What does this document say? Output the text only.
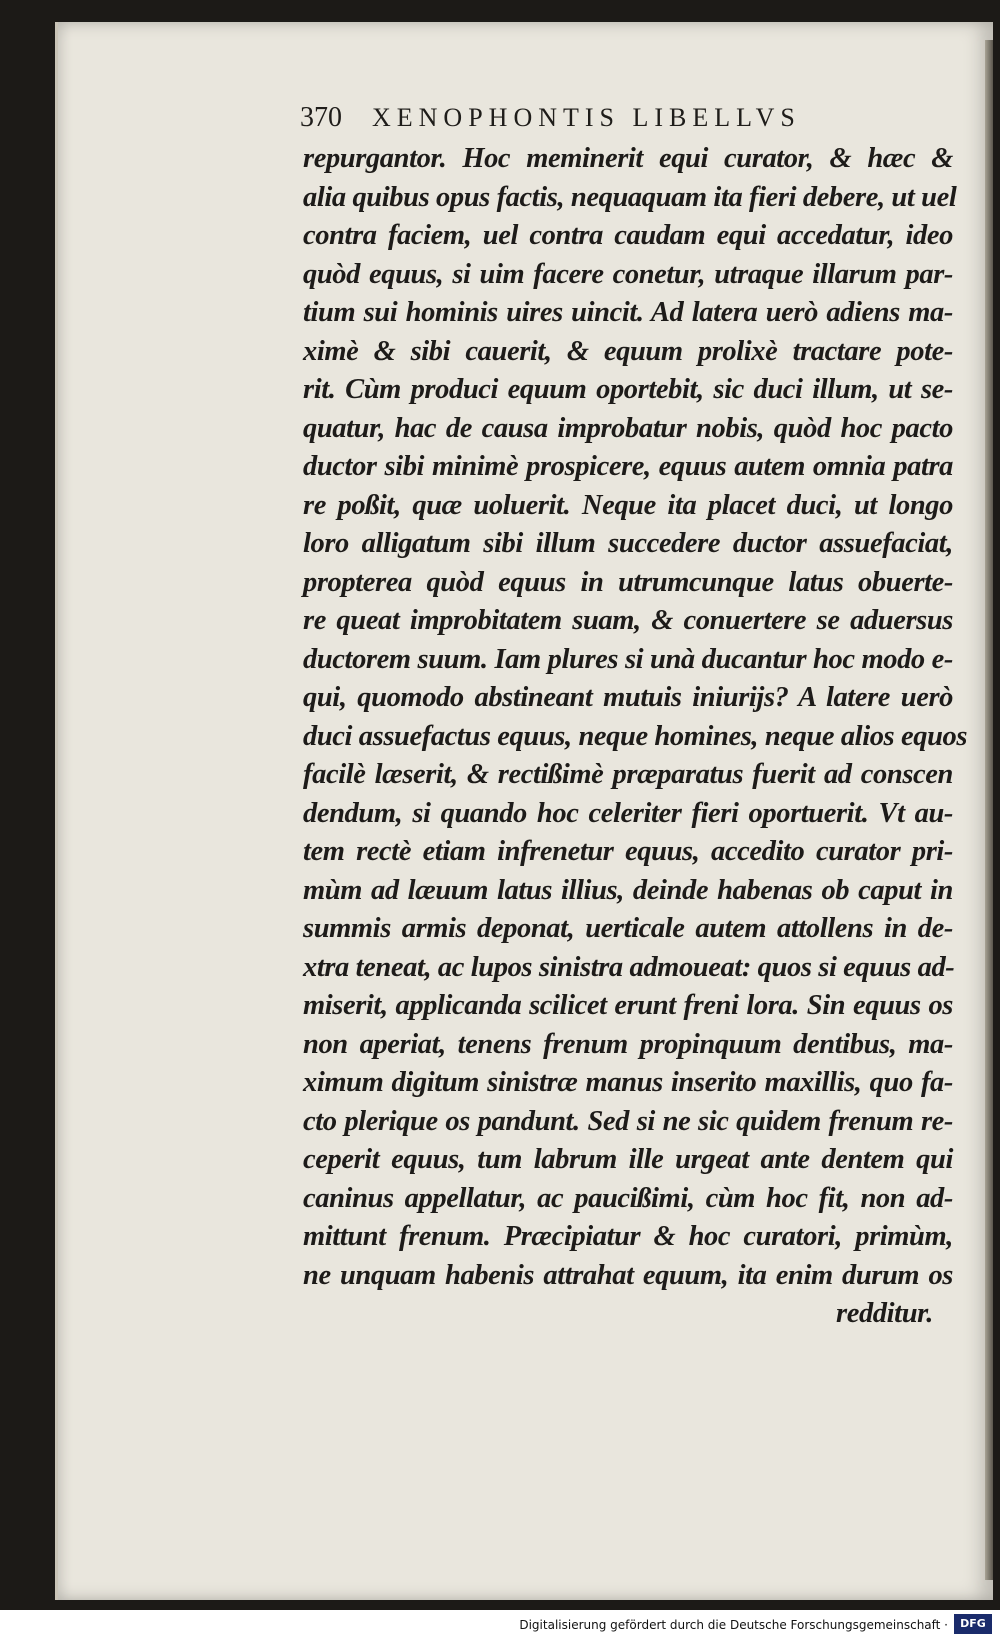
370 XENOPHONTIS LIBELLVS
repurgantor. Hoc meminerit equi curator, & hæc &
alia quibus opus factis, nequaquam ita fieri debere, ut uel
contra faciem, uel contra caudam equi accedatur, ideo
quòd equus, si uim facere conetur, utraque illarum par-
tium sui hominis uires uincit. Ad latera uerò adiens ma-
ximè & sibi cauerit, & equum prolixè tractare pote-
rit. Cùm produci equum oportebit, sic duci illum, ut se-
quatur, hac de causa improbatur nobis, quòd hoc pacto
ductor sibi minimè prospicere, equus autem omnia patra
re poßit, quæ uoluerit. Neque ita placet duci, ut longo
loro alligatum sibi illum succedere ductor assuefaciat,
propterea quòd equus in utrumcunque latus obuerte-
re queat improbitatem suam, & conuertere se aduersus
ductorem suum. Iam plures si unà ducantur hoc modo e-
qui, quomodo abstineant mutuis iniurijs? A latere uerò
duci assuefactus equus, neque homines, neque alios equos
facilè læserit, & rectißimè præparatus fuerit ad conscen
dendum, si quando hoc celeriter fieri oportuerit. Vt au-
tem rectè etiam infrenetur equus, accedito curator pri-
mùm ad læuum latus illius, deinde habenas ob caput in
summis armis deponat, uerticale autem attollens in de-
xtra teneat, ac lupos sinistra admoueat: quos si equus ad-
miserit, applicanda scilicet erunt freni lora. Sin equus os
non aperiat, tenens frenum propinquum dentibus, ma-
ximum digitum sinistræ manus inserito maxillis, quo fa-
cto plerique os pandunt. Sed si ne sic quidem frenum re-
ceperit equus, tum labrum ille urgeat ante dentem qui
caninus appellatur, ac paucißimi, cùm hoc fit, non ad-
mittunt frenum. Præcipiatur & hoc curatori, primùm,
ne unquam habenis attrahat equum, ita enim durum os
redditur.
Digitalisierung gefördert durch die Deutsche Forschungsgemeinschaft ·	DFG
